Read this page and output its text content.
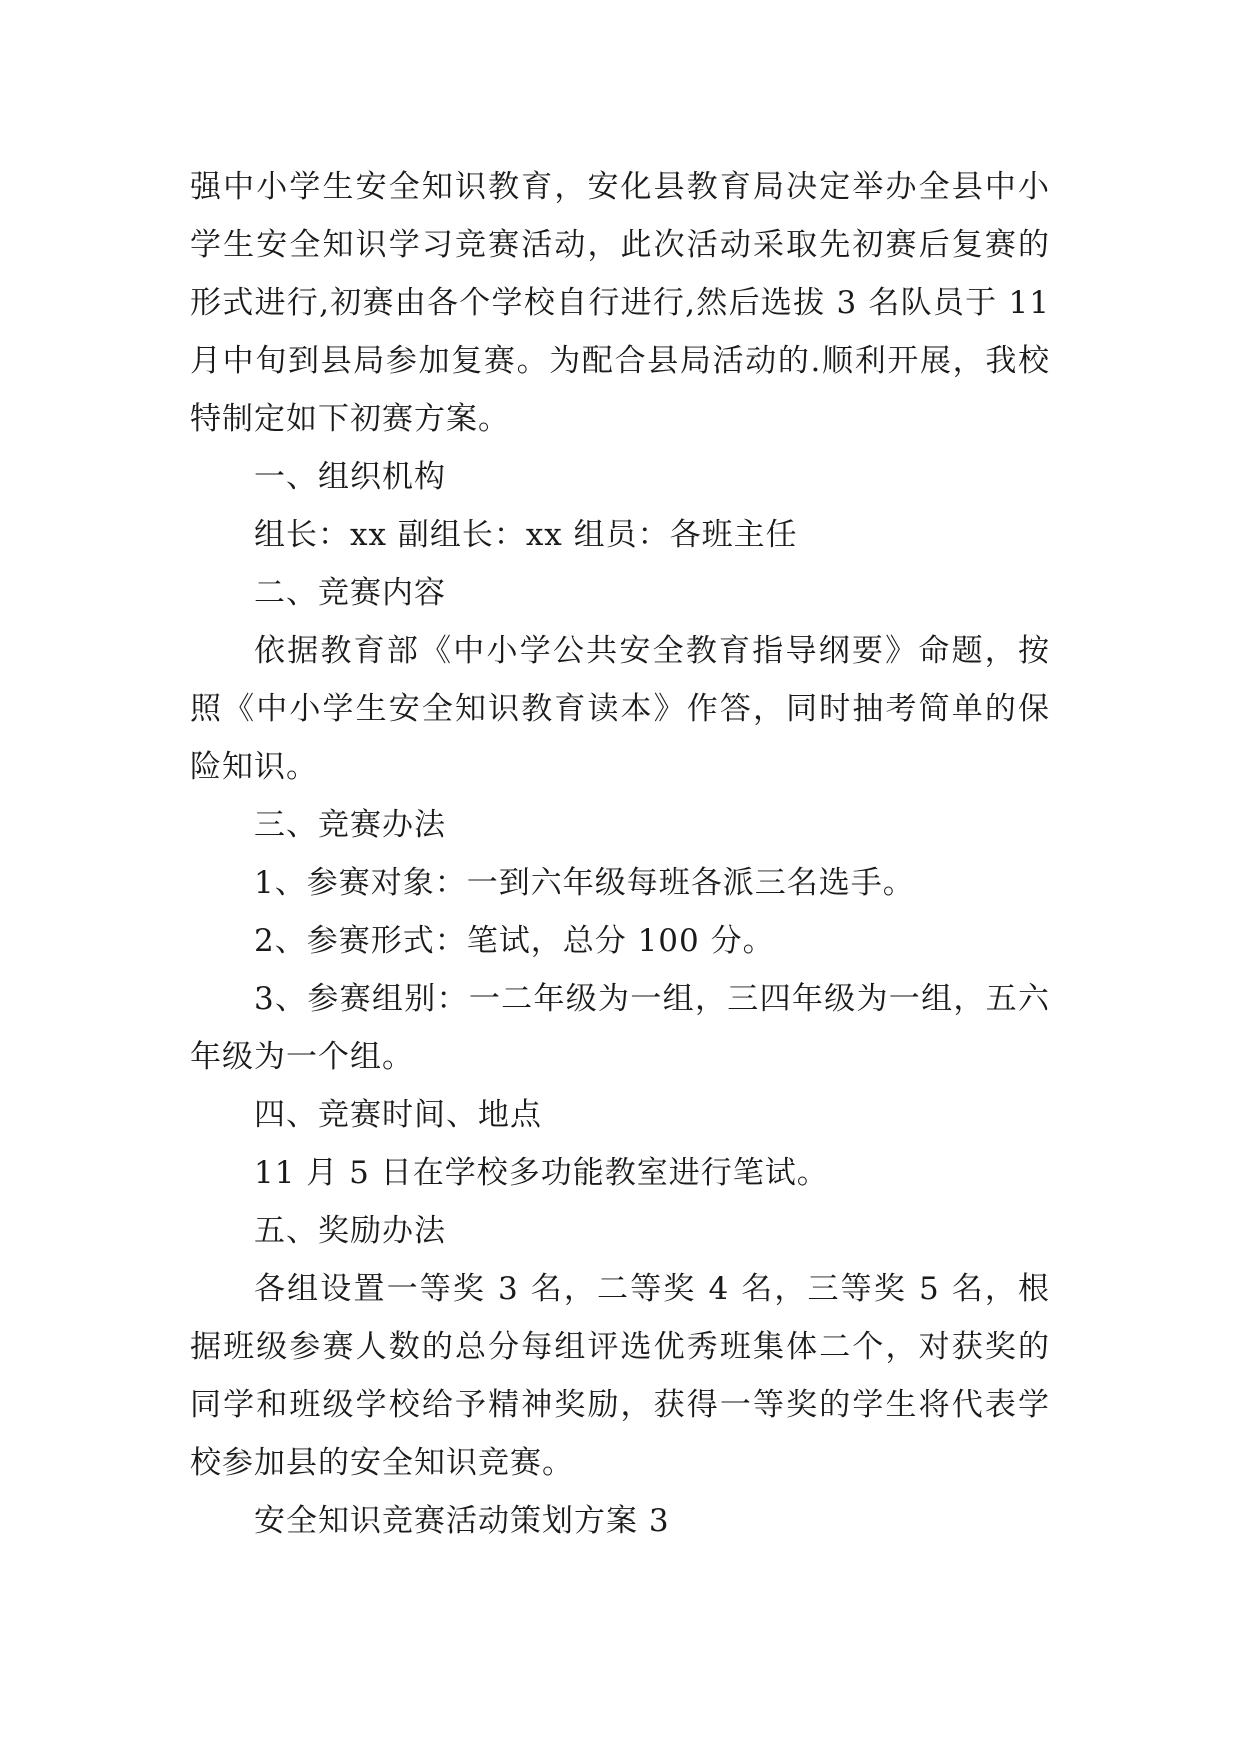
强中小学生安全知识教育，安化县教育局决定举办全县中小学生安全知识学习竞赛活动，此次活动采取先初赛后复赛的形式进行,初赛由各个学校自行进行,然后选拔 3 名队员于 11 月中旬到县局参加复赛。为配合县局活动的.顺利开展，我校特制定如下初赛方案。

一、组织机构

组长：xx 副组长：xx 组员：各班主任

二、竞赛内容

依据教育部《中小学公共安全教育指导纲要》命题，按照《中小学生安全知识教育读本》作答，同时抽考简单的保险知识。

三、竞赛办法

1、参赛对象：一到六年级每班各派三名选手。

2、参赛形式：笔试，总分 100 分。

3、参赛组别：一二年级为一组，三四年级为一组，五六年级为一个组。

四、竞赛时间、地点

11 月 5 日在学校多功能教室进行笔试。

五、奖励办法

各组设置一等奖 3 名，二等奖 4 名，三等奖 5 名，根据班级参赛人数的总分每组评选优秀班集体二个，对获奖的同学和班级学校给予精神奖励，获得一等奖的学生将代表学校参加县的安全知识竞赛。

安全知识竞赛活动策划方案 3
